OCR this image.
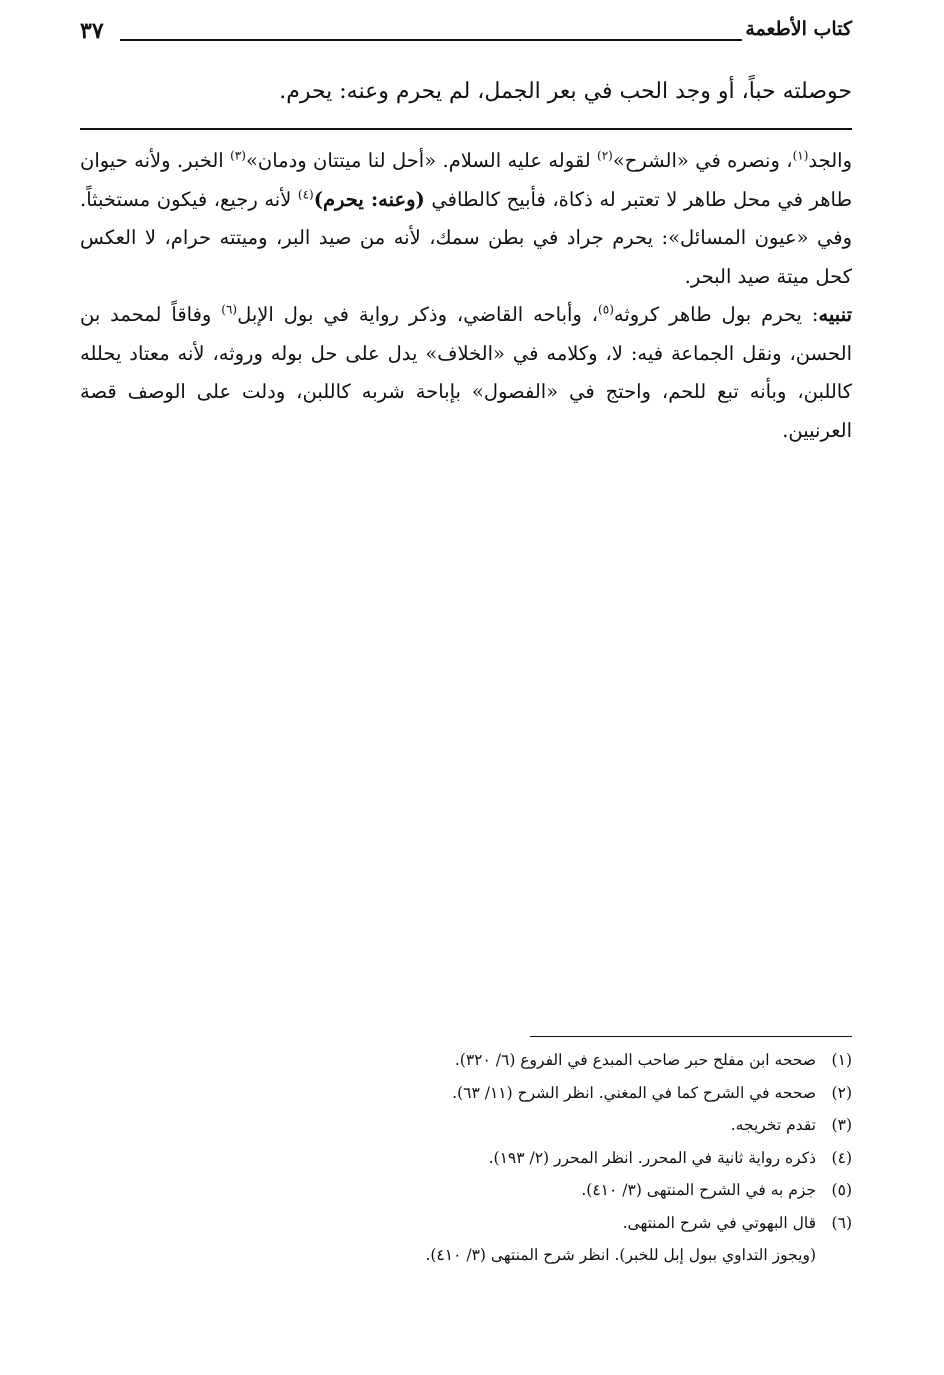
كتاب الأطعمة
٣٧
حوصلته حباً، أو وجد الحب في بعر الجمل، لم يحرم وعنه: يحرم.

والجد$^{(١)}$، ونصره في «الشرح»$^{(٢)}$ لقوله عليه السلام. «أحل لنا ميتتان ودمان»$^{(٣)}$ الخبر. ولأنه حيوان طاهر في محل طاهر لا تعتبر له ذكاة، فأبيح كالطافي (وعنه: يحرم)$^{(٤)}$ لأنه رجيع، فيكون مستخبثاً. وفي «عيون المسائل»: يحرم جراد في بطن سمك، لأنه من صيد البر، وميتته حرام، لا العكس كحل ميتة صيد البحر.

تنبيه: يحرم بول طاهر كروثه$^{(٥)}$، وأباحه القاضي، وذكر رواية في بول الإبل$^{(٦)}$ وفاقاً لمحمد بن الحسن، ونقل الجماعة فيه: لا، وكلامه في «الخلاف» يدل على حل بوله وروثه، لأنه معتاد يحلله كاللبن، وبأنه تبع للحم، واحتج في «الفصول» بإباحة شربه كاللبن، ودلت على الوصف قصة العرنيين.

(١)صححه ابن مفلح حبر صاحب المبدع في الفروع (٦/ ٣٢٠).
(٢)صححه في الشرح كما في المغني. انظر الشرح (١١/ ٦٣).
(٣)تقدم تخريجه.
(٤)ذكره رواية ثانية في المحرر. انظر المحرر (٢/ ١٩٣).
(٥)جزم به في الشرح المنتهى (٣/ ٤١٠).
(٦)قال البهوتي في شرح المنتهى.
(ويجوز التداوي ببول إبل للخبر). انظر شرح المنتهى (٣/ ٤١٠).
